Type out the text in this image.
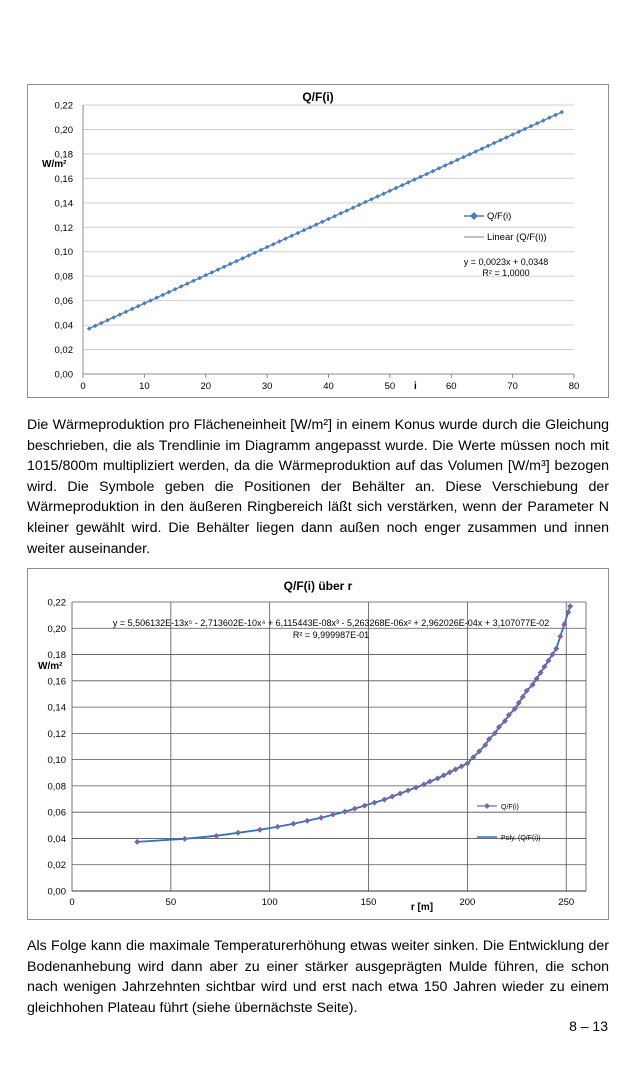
Q/F(i)
W/m²
i
0,00
0,02
0,04
0,06
0,08
0,10
0,12
0,14
0,16
0,18
0,20
0,22
0	10	20	30	40	50	60	70	80
Q/F(i)
Linear (Q/F(i))
y = 0,0023x + 0,0348
R² = 1,0000

Die Wärmeproduktion pro Flächeneinheit [W/m²] in einem Konus wurde durch die Gleichung beschrieben, die als Trendlinie im Diagramm angepasst wurde. Die Werte müssen noch mit 1015/800m multipliziert werden, da die Wärmeproduktion auf das Volumen [W/m³] bezogen wird. Die Symbole geben die Positionen der Behälter an. Diese Verschiebung der Wärmeproduktion in den äußeren Ringbereich läßt sich verstärken, wenn der Parameter N kleiner gewählt wird. Die Behälter liegen dann außen noch enger zusammen und innen weiter auseinander.

Q/F(i) über r
W/m²
r [m]
0,00
0,02
0,04
0,06
0,08
0,10
0,12
0,14
0,16
0,18
0,20
0,22
0	50	100	150	200	250
Q/F(i)
Poly. (Q/F(i))
y = 5,506132E-13x⁵ - 2,713602E-10x⁴ + 6,115443E-08x³ - 5,263268E-06x² + 2,962026E-04x + 3,107077E-02
R² = 9,999987E-01

Als Folge kann die maximale Temperaturerhöhung etwas weiter sinken. Die Entwicklung der Bodenanhebung wird dann aber zu einer stärker ausgeprägten Mulde führen, die schon nach wenigen Jahrzehnten sichtbar wird und erst nach etwa 150 Jahren wieder zu einem gleichhohen Plateau führt (siehe übernächste Seite).

8 – 13
